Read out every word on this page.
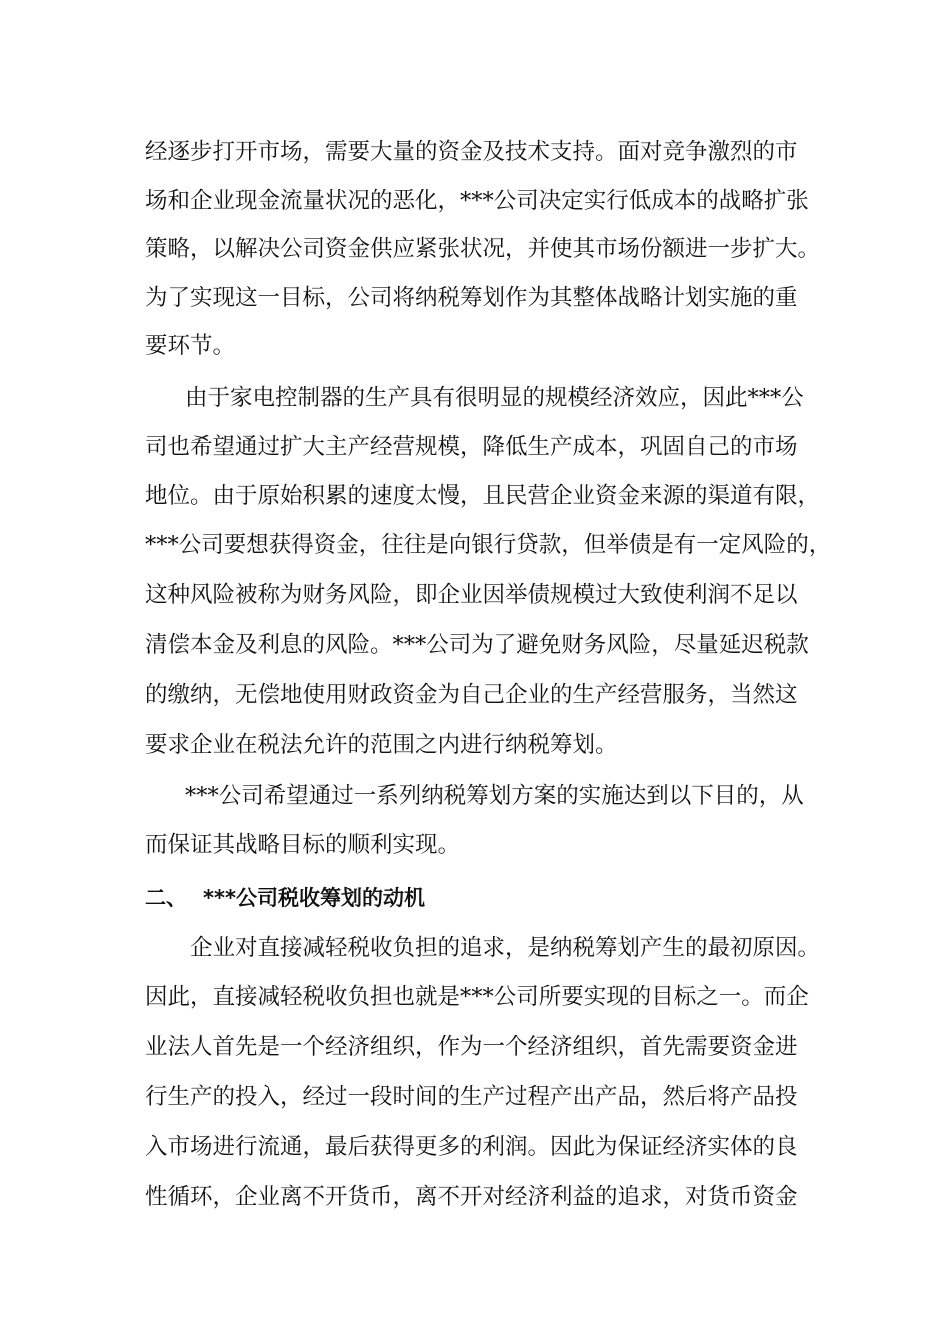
经逐步打开市场，需要大量的资金及技术支持。面对竞争激烈的市
场和企业现金流量状况的恶化，***公司决定实行低成本的战略扩张
策略，以解决公司资金供应紧张状况，并使其市场份额进一步扩大。
为了实现这一目标，公司将纳税筹划作为其整体战略计划实施的重
要环节。
由于家电控制器的生产具有很明显的规模经济效应，因此***公
司也希望通过扩大主产经营规模，降低生产成本，巩固自己的市场
地位。由于原始积累的速度太慢，且民营企业资金来源的渠道有限，
***公司要想获得资金，往往是向银行贷款，但举债是有一定风险的，
这种风险被称为财务风险，即企业因举债规模过大致使利润不足以
清偿本金及利息的风险。***公司为了避免财务风险，尽量延迟税款
的缴纳，无偿地使用财政资金为自己企业的生产经营服务，当然这
要求企业在税法允许的范围之内进行纳税筹划。
***公司希望通过一系列纳税筹划方案的实施达到以下目的，从
而保证其战略目标的顺利实现。
二、 ***公司税收筹划的动机
企业对直接减轻税收负担的追求，是纳税筹划产生的最初原因。
因此，直接减轻税收负担也就是***公司所要实现的目标之一。而企
业法人首先是一个经济组织，作为一个经济组织，首先需要资金进
行生产的投入，经过一段时间的生产过程产出产品，然后将产品投
入市场进行流通，最后获得更多的利润。因此为保证经济实体的良
性循环，企业离不开货币，离不开对经济利益的追求，对货币资金
